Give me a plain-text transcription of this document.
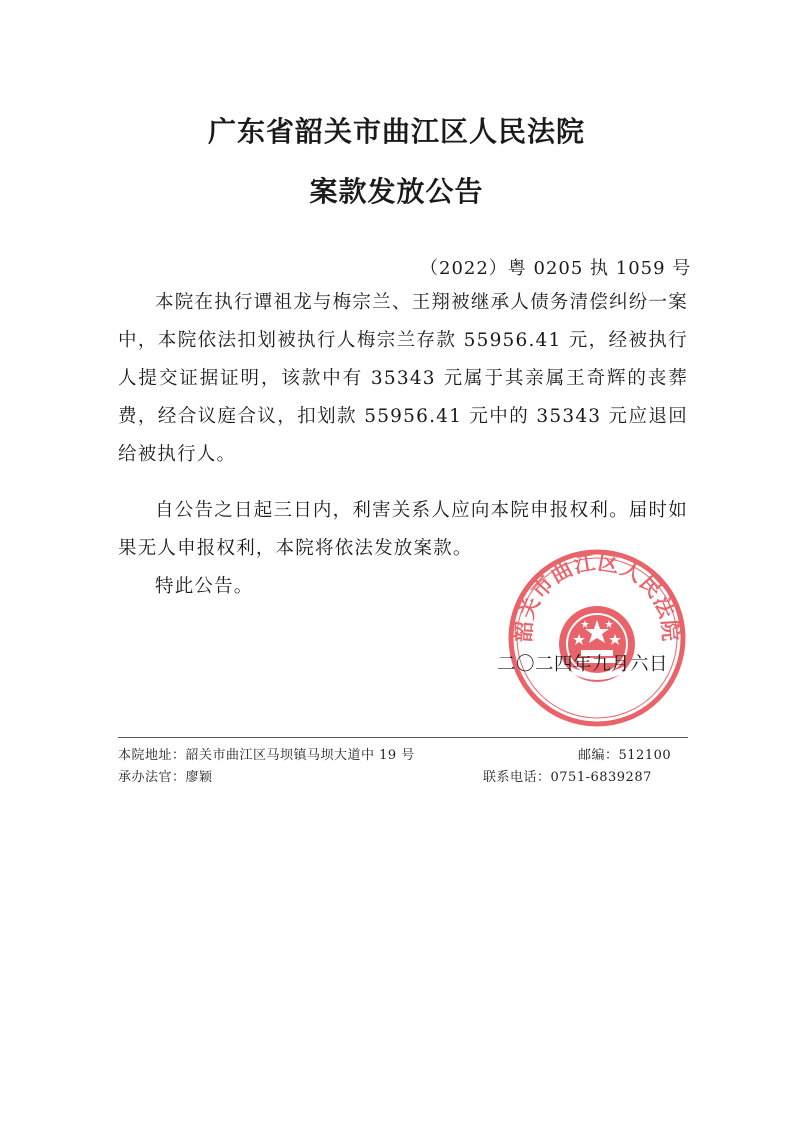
广东省韶关市曲江区人民法院
案款发放公告
（2022）粤 0205 执 1059 号

本院在执行谭祖龙与梅宗兰、王翔被继承人债务清偿纠纷一案中，本院依法扣划被执行人梅宗兰存款 55956.41 元，经被执行人提交证据证明，该款中有 35343 元属于其亲属王奇辉的丧葬费，经合议庭合议，扣划款 55956.41 元中的 35343 元应退回给被执行人。

自公告之日起三日内，利害关系人应向本院申报权利。届时如果无人申报权利，本院将依法发放案款。

特此公告。

韶关市曲江区人民法院
二〇二四年九月六日
本院地址：韶关市曲江区马坝镇马坝大道中 19 号	邮编：512100
承办法官：廖颖	联系电话：0751-6839287
